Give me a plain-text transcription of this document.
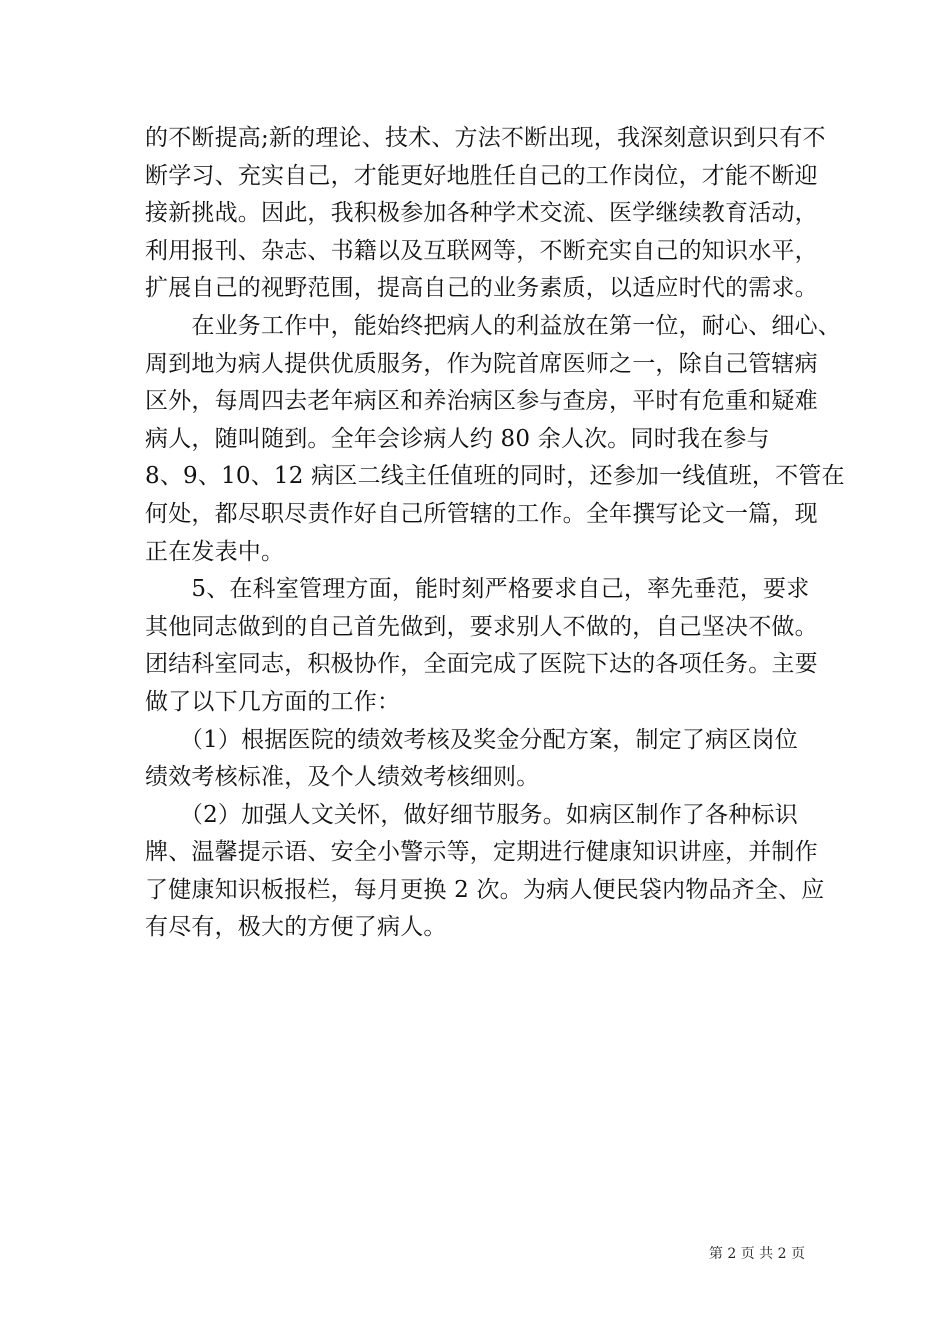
的不断提高;新的理论、技术、方法不断出现，我深刻意识到只有不
断学习、充实自己，才能更好地胜任自己的工作岗位，才能不断迎
接新挑战。因此，我积极参加各种学术交流、医学继续教育活动，
利用报刊、杂志、书籍以及互联网等，不断充实自己的知识水平，
扩展自己的视野范围，提高自己的业务素质，以适应时代的需求。
　　在业务工作中，能始终把病人的利益放在第一位，耐心、细心、
周到地为病人提供优质服务，作为院首席医师之一，除自己管辖病
区外，每周四去老年病区和养治病区参与查房，平时有危重和疑难
病人，随叫随到。全年会诊病人约 80 余人次。同时我在参与
8、9、10、12 病区二线主任值班的同时，还参加一线值班，不管在
何处，都尽职尽责作好自己所管辖的工作。全年撰写论文一篇，现
正在发表中。
　　5、在科室管理方面，能时刻严格要求自己，率先垂范，要求
其他同志做到的自己首先做到，要求别人不做的，自己坚决不做。
团结科室同志，积极协作，全面完成了医院下达的各项任务。主要
做了以下几方面的工作：
　　（1）根据医院的绩效考核及奖金分配方案，制定了病区岗位
绩效考核标准，及个人绩效考核细则。
　　（2）加强人文关怀，做好细节服务。如病区制作了各种标识
牌、温馨提示语、安全小警示等，定期进行健康知识讲座，并制作
了健康知识板报栏，每月更换 2 次。为病人便民袋内物品齐全、应
有尽有，极大的方便了病人。
第 2 页 共 2 页
